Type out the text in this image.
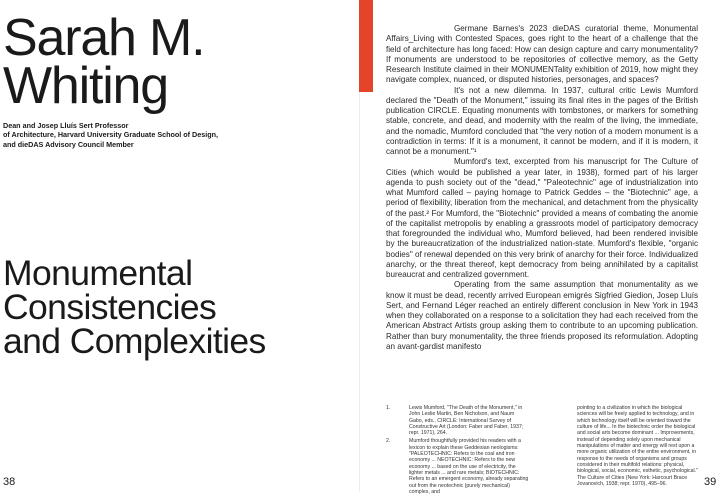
Sarah M.
Whiting

Dean and Josep Lluís Sert Professor
of Architecture, Harvard University Graduate School of Design,
and dieDAS Advisory Council Member

Monumental
Consistencies
and Complexities
38

Germane Barnes's 2023 dieDAS curatorial theme, Monumental Affairs_Living with Contested Spaces, goes right to the heart of a challenge that the field of architecture has long faced: How can design capture and carry monumentality? If monuments are understood to be repositories of collective memory, as the Getty Research Institute claimed in their MONUMENTality exhibition of 2019, how might they navigate complex, nuanced, or disputed histories, personages, and spaces?

It's not a new dilemma. In 1937, cultural critic Lewis Mumford declared the "Death of the Monument," issuing its final rites in the pages of the British publication CIRCLE. Equating monuments with tombstones, or markers for something stable, concrete, and dead, and modernity with the realm of the living, the immediate, and the nomadic, Mumford concluded that "the very notion of a modern monument is a contradiction in terms: If it is a monument, it cannot be modern, and if it is modern, it cannot be a monument."¹

Mumford's text, excerpted from his manuscript for The Culture of Cities (which would be published a year later, in 1938), formed part of his larger agenda to push society out of the "dead," "Paleotechnic" age of industrialization into what Mumford called – paying homage to Patrick Geddes – the "Biotechnic" age, a period of flexibility, liberation from the mechanical, and detachment from the physicality of the past.² For Mumford, the "Biotechnic" provided a means of combating the anomie of the capitalist metropolis by enabling a grassroots model of participatory democracy that foregrounded the individual who, Mumford believed, had been rendered invisible by the bureaucratization of the industrialized nation-state. Mumford's flexible, "organic bodies" of renewal depended on this very brink of anarchy for their force. Individualized anarchy, or the threat thereof, kept democracy from being annihilated by a capitalist bureaucrat and centralized government.

Operating from the same assumption that monumentality as we know it must be dead, recently arrived European emigrés Sigfried Giedion, Josep Lluís Sert, and Fernand Léger reached an entirely different conclusion in New York in 1943 when they collaborated on a response to a solicitation they had each received from the American Abstract Artists group asking them to contribute to an upcoming publication. Rather than bury monumentality, the three friends proposed its reformulation. Adopting an avant-gardist manifesto

1.	Lewis Mumford, "The Death of the Monument," in John Leslie Martin, Ben Nicholson, and Naum Gabo, eds., CIRCLE: International Survey of Constructive Art (London: Faber and Faber, 1937; repr. 1971), 264.
2.	Mumford thoughtfully provided his readers with a lexicon to explain these Geddesian neologisms: "PALEOTECHNIC: Refers to the coal and iron economy ... NEOTECHNIC: Refers to the new economy ... based on the use of electricity, the lighter metals ... and rare metals; BIOTECHNIC: Refers to an emergent economy, already separating out from the neotechnic (purely mechanical) complex, and
pointing to a civilization in which the biological sciences will be freely applied to technology, and in which technology itself will be oriented toward the culture of life... In the biotechnic order the biological and social arts become dominant ... Improvements, instead of depending solely upon mechanical manipulations of matter and energy will rest upon a more organic utilization of the entire environment, in response to the needs of organisms and groups considered in their multifold relations: physical, biological, social, economic, esthetic, psychological." The Culture of Cities (New York: Harcourt Brace Jovanovich, 1938; repr. 1970), 495–96.	39
